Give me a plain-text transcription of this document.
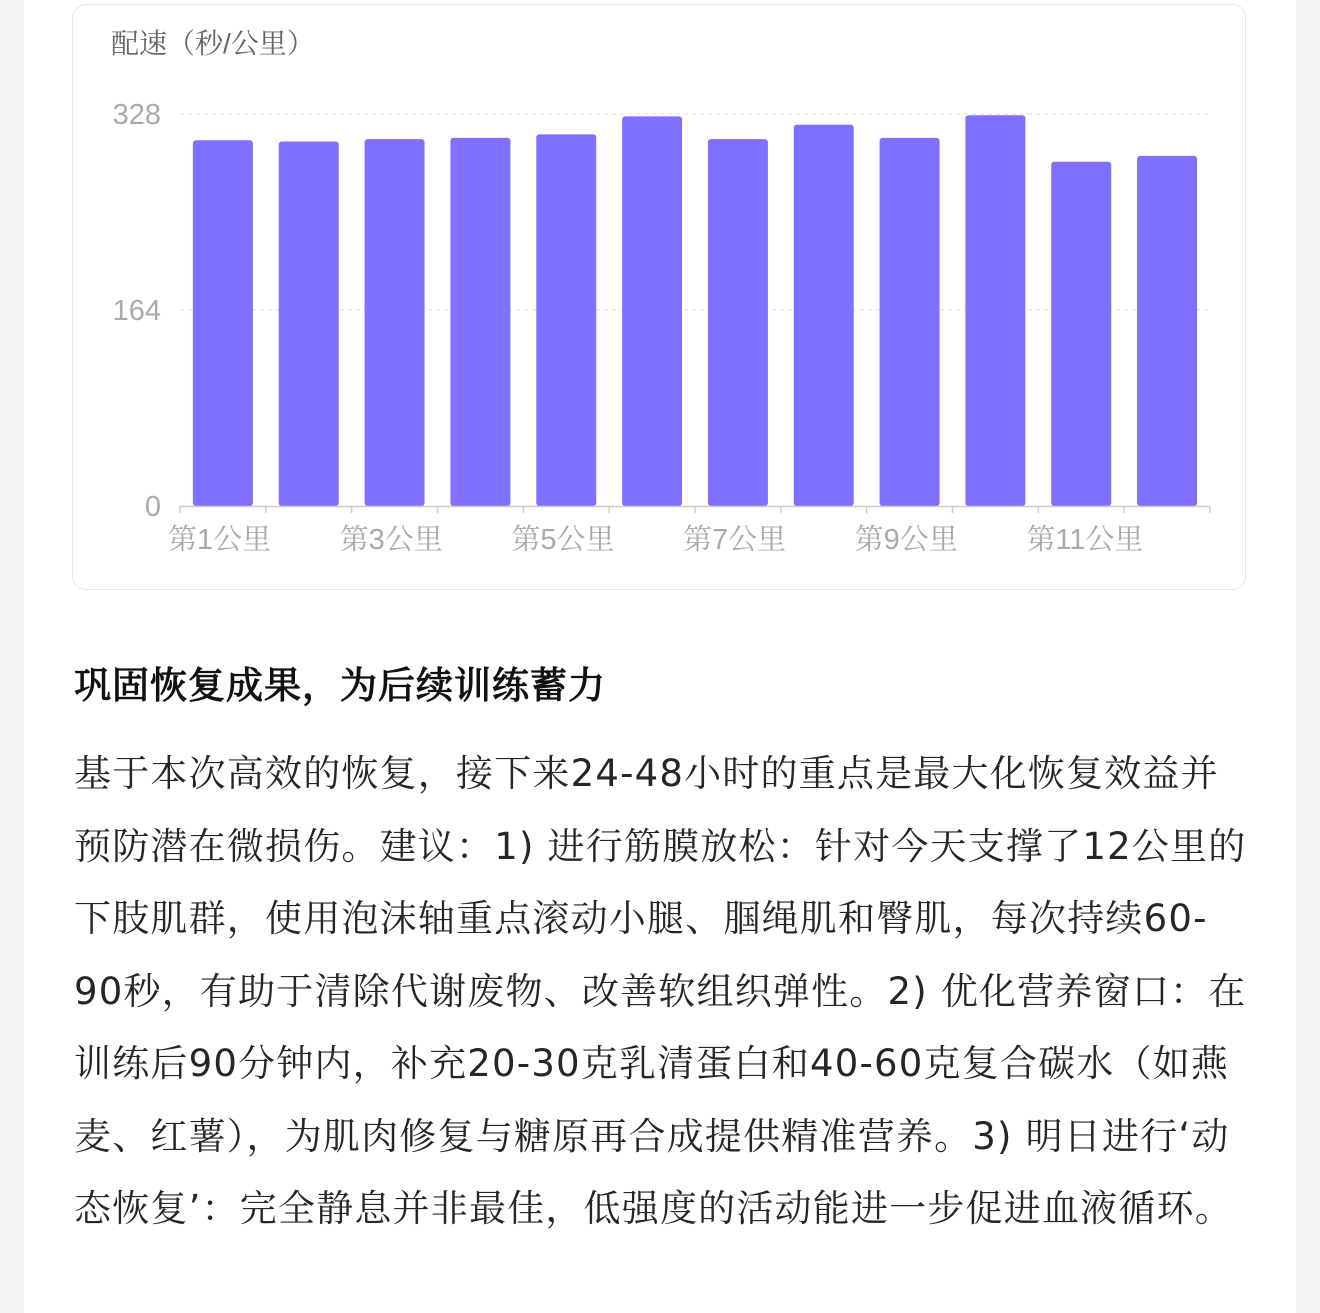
配速（秒/公里）
0
164
328
第1公里 第3公里 第5公里 第7公里 第9公里 第11公里
巩固恢复成果，为后续训练蓄力

基于本次高效的恢复，接下来24-48小时的重点是最大化恢复效益并预防潜在微损伤。建议：1) 进行筋膜放松：针对今天支撑了12公里的下肢肌群，使用泡沫轴重点滚动小腿、腘绳肌和臀肌，每次持续60-90秒，有助于清除代谢废物、改善软组织弹性。2) 优化营养窗口：在训练后90分钟内，补充20-30克乳清蛋白和40-60克复合碳水（如燕麦、红薯），为肌肉修复与糖原再合成提供精准营养。3) 明日进行‘动态恢复’：完全静息并非最佳，低强度的活动能进一步促进血液循环。
